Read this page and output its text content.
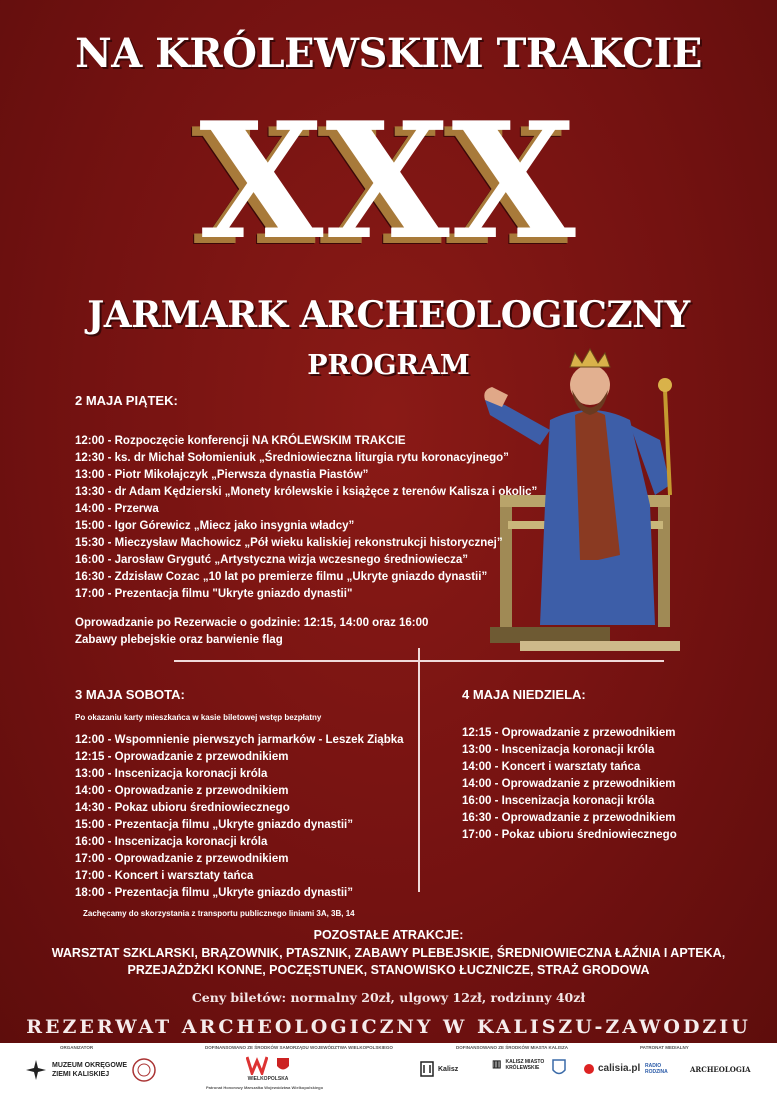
NA KRÓLEWSKIM TRAKCIE
XXX
JARMARK ARCHEOLOGICZNY
PROGRAM
2 MAJA PIĄTEK:
12:00 - Rozpoczęcie konferencji NA KRÓLEWSKIM TRAKCIE
12:30 - ks. dr Michał Sołomieniuk „Średniowieczna liturgia rytu koronacyjnego”
13:00 - Piotr Mikołajczyk „Pierwsza dynastia Piastów”
13:30 - dr Adam Kędzierski „Monety królewskie i książęce z terenów Kalisza i okolic”
14:00 - Przerwa
15:00 - Igor Górewicz „Miecz jako insygnia władcy”
15:30 - Mieczysław Machowicz „Pół wieku kaliskiej rekonstrukcji historycznej”
16:00 - Jarosław Grygutć „Artystyczna wizja wczesnego średniowiecza”
16:30 - Zdzisław Cozac „10 lat po premierze filmu „Ukryte gniazdo dynastii”
17:00 - Prezentacja filmu "Ukryte gniazdo dynastii"
Oprowadzanie po Rezerwacie o godzinie: 12:15, 14:00 oraz 16:00
Zabawy plebejskie oraz barwienie flag
3 MAJA SOBOTA:
Po okazaniu karty mieszkańca w kasie biletowej wstęp bezpłatny
12:00 - Wspomnienie pierwszych jarmarków - Leszek Ziąbka
12:15 - Oprowadzanie z przewodnikiem
13:00 - Inscenizacja koronacji króla
14:00 - Oprowadzanie z przewodnikiem
14:30 - Pokaz ubioru średniowiecznego
15:00 - Prezentacja filmu „Ukryte gniazdo dynastii”
16:00 - Inscenizacja koronacji króla
17:00 - Oprowadzanie z przewodnikiem
17:00 - Koncert i warsztaty tańca
18:00 - Prezentacja filmu „Ukryte gniazdo dynastii”
Zachęcamy do skorzystania z transportu publicznego liniami 3A, 3B, 14
4 MAJA NIEDZIELA:
12:15 - Oprowadzanie z przewodnikiem
13:00 - Inscenizacja koronacji króla
14:00 - Koncert i warsztaty tańca
14:00 - Oprowadzanie z przewodnikiem
16:00 - Inscenizacja koronacji króla
16:30 - Oprowadzanie z przewodnikiem
17:00 - Pokaz ubioru średniowiecznego
POZOSTAŁE ATRAKCJE:
WARSZTAT SZKLARSKI, BRĄZOWNIK, PTASZNIK, ZABAWY PLEBEJSKIE, ŚREDNIOWIECZNA ŁAŹNIA I APTEKA,
PRZEJAŻDŻKI KONNE, POCZĘSTUNEK, STANOWISKO ŁUCZNICZE, STRAŻ GRODOWA
Ceny biletów: normalny 20zł, ulgowy 12zł, rodzinny 40zł
REZERWAT ARCHEOLOGICZNY W KALISZU-ZAWODZIU
ORGANIZATOR	DOFINANSOWANO ZE ŚRODKÓW SAMORZĄDU WOJEWÓDZTWA WIELKOPOLSKIEGO	DOFINANSOWANO ZE ŚRODKÓW MIASTA KALISZA	PATRONAT MEDIALNY
MUZEUM OKRĘGOWE
ZIEMI KALISKIEJ
WIELKOPOLSKA
Patronat Honorowy Marszałka Województwa Wielkopolskiego
Kalisz	▥ KALISZ MIASTO KRÓLEWSKIE	calisia.pl RADIO RODZINA	ARCHEOLOGIA
